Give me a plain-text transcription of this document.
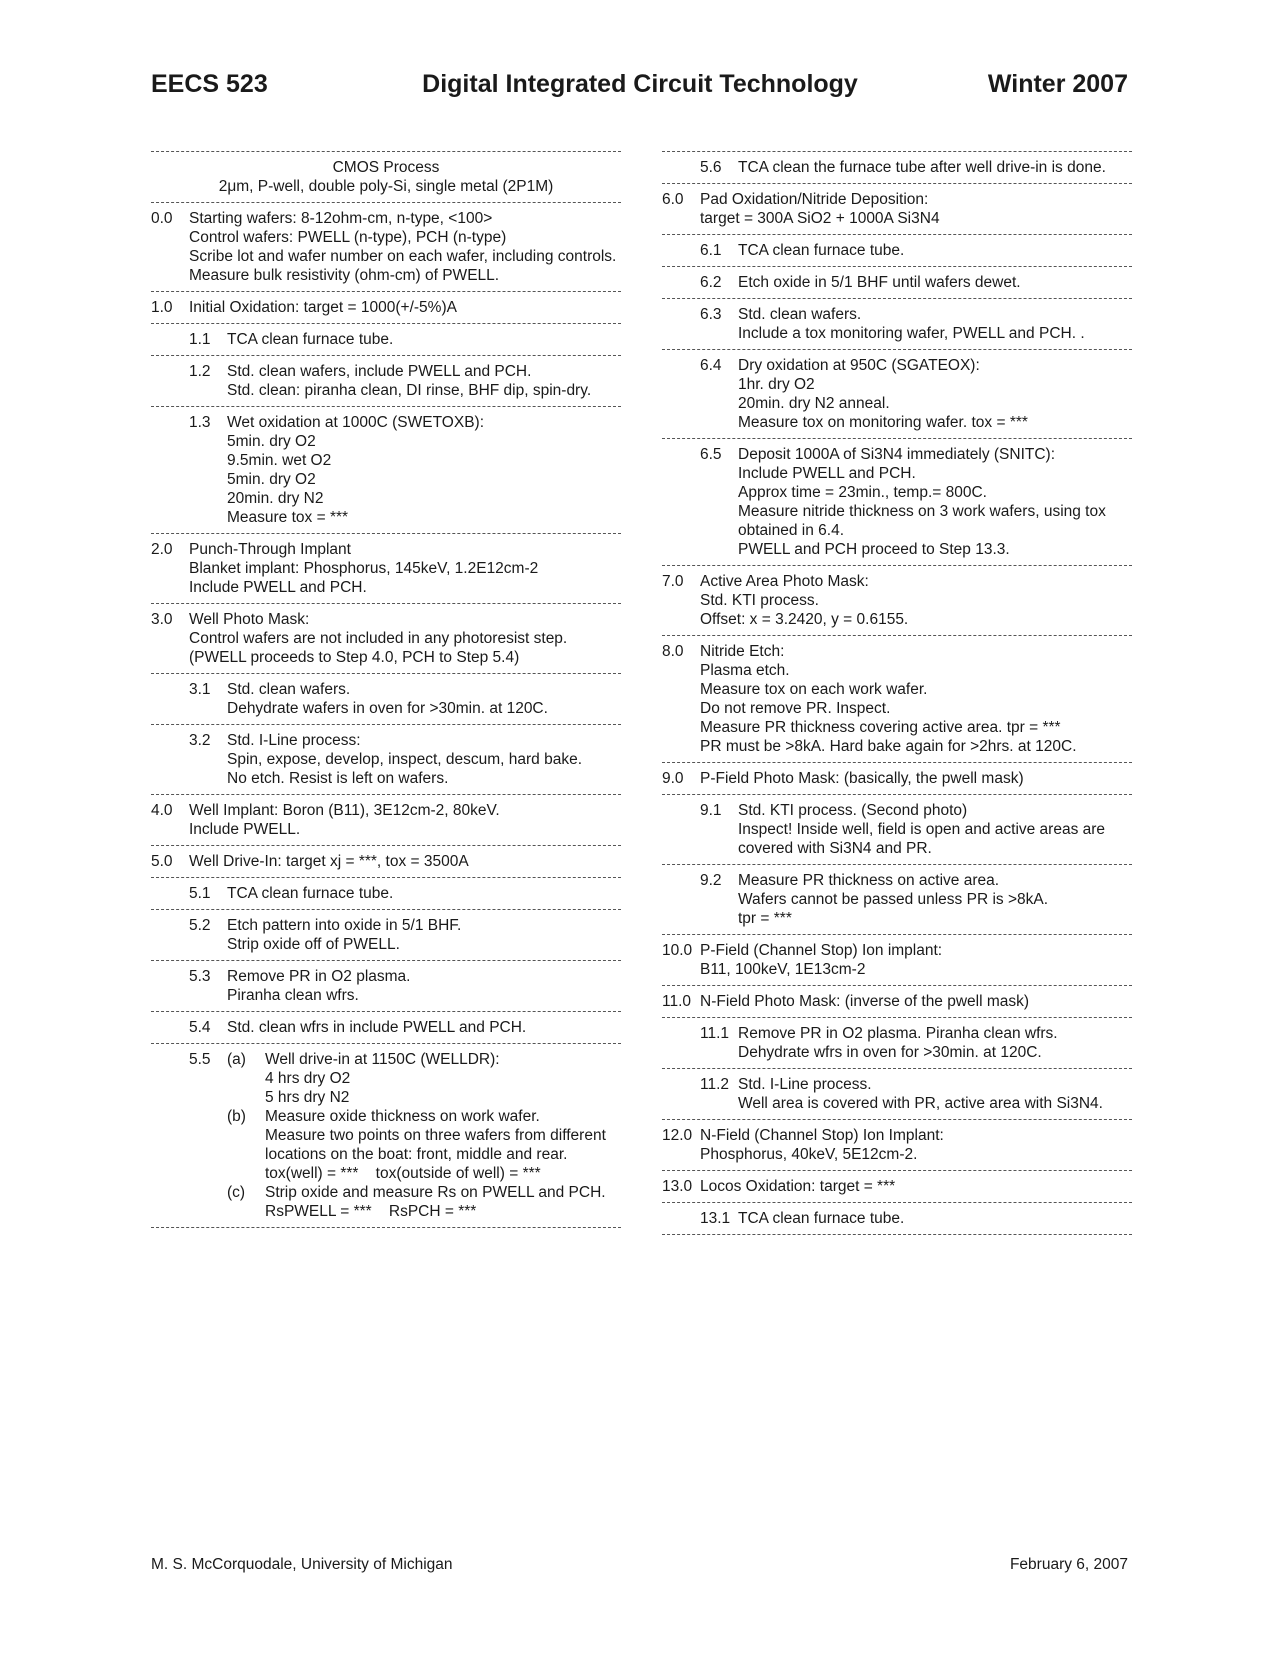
EECS 523	Digital Integrated Circuit Technology	Winter 2007
CMOS Process
2μm, P-well, double poly-Si, single metal (2P1M)
0.0	Starting wafers: 8-12ohm-cm, n-type, <100>
Control wafers: PWELL (n-type), PCH (n-type)
Scribe lot and wafer number on each wafer, including controls.
Measure bulk resistivity (ohm-cm) of PWELL.
1.0	Initial Oxidation: target = 1000(+/-5%)A
1.1	TCA clean furnace tube.
1.2	Std. clean wafers, include PWELL and PCH.
Std. clean: piranha clean, DI rinse, BHF dip, spin-dry.
1.3	Wet oxidation at 1000C (SWETOXB):
5min. dry O2
9.5min. wet O2
5min. dry O2
20min. dry N2
Measure tox = ***
2.0	Punch-Through Implant
Blanket implant: Phosphorus, 145keV, 1.2E12cm-2
Include PWELL and PCH.
3.0	Well Photo Mask:
Control wafers are not included in any photoresist step.
(PWELL proceeds to Step 4.0, PCH to Step 5.4)
3.1	Std. clean wafers.
Dehydrate wafers in oven for >30min. at 120C.
3.2	Std. I-Line process:
Spin, expose, develop, inspect, descum, hard bake.
No etch. Resist is left on wafers.
4.0	Well Implant: Boron (B11), 3E12cm-2, 80keV.
Include PWELL.
5.0	Well Drive-In: target xj = ***, tox = 3500A
5.1	TCA clean furnace tube.
5.2	Etch pattern into oxide in 5/1 BHF.
Strip oxide off of PWELL.
5.3	Remove PR in O2 plasma.
Piranha clean wfrs.
5.4	Std. clean wfrs in include PWELL and PCH.
5.5	(a)	Well drive-in at 1150C (WELLDR):
4 hrs dry O2
5 hrs dry N2
(b)	Measure oxide thickness on work wafer.
Measure two points on three wafers from different locations on the boat: front, middle and rear.
tox(well) = ***    tox(outside of well) = ***
(c)	Strip oxide and measure Rs on PWELL and PCH.
RsPWELL = ***    RsPCH = ***
5.6	TCA clean the furnace tube after well drive-in is done.
6.0	Pad Oxidation/Nitride Deposition:
target = 300A SiO2 + 1000A Si3N4
6.1	TCA clean furnace tube.
6.2	Etch oxide in 5/1 BHF until wafers dewet.
6.3	Std. clean wafers.
Include a tox monitoring wafer, PWELL and PCH. .
6.4	Dry oxidation at 950C (SGATEOX):
1hr. dry O2
20min. dry N2 anneal.
Measure tox on monitoring wafer. tox = ***
6.5	Deposit 1000A of Si3N4 immediately (SNITC):
Include PWELL and PCH.
Approx time = 23min., temp.= 800C.
Measure nitride thickness on 3 work wafers, using tox obtained in 6.4.
PWELL and PCH proceed to Step 13.3.
7.0	Active Area Photo Mask:
Std. KTI process.
Offset: x = 3.2420, y = 0.6155.
8.0	Nitride Etch:
Plasma etch.
Measure tox on each work wafer.
Do not remove PR. Inspect.
Measure PR thickness covering active area. tpr = ***
PR must be >8kA. Hard bake again for >2hrs. at 120C.
9.0	P-Field Photo Mask: (basically, the pwell mask)
9.1	Std. KTI process. (Second photo)
Inspect! Inside well, field is open and active areas are covered with Si3N4 and PR.
9.2	Measure PR thickness on active area.
Wafers cannot be passed unless PR is >8kA.
tpr = ***
10.0 P-Field (Channel Stop) Ion implant:
B11, 100keV, 1E13cm-2
11.0 N-Field Photo Mask: (inverse of the pwell mask)
11.1 Remove PR in O2 plasma. Piranha clean wfrs.
Dehydrate wfrs in oven for >30min. at 120C.
11.2 Std. I-Line process.
Well area is covered with PR, active area with Si3N4.
12.0 N-Field (Channel Stop) Ion Implant:
Phosphorus, 40keV, 5E12cm-2.
13.0 Locos Oxidation: target = ***
13.1 TCA clean furnace tube.
M. S. McCorquodale, University of Michigan	February 6, 2007
